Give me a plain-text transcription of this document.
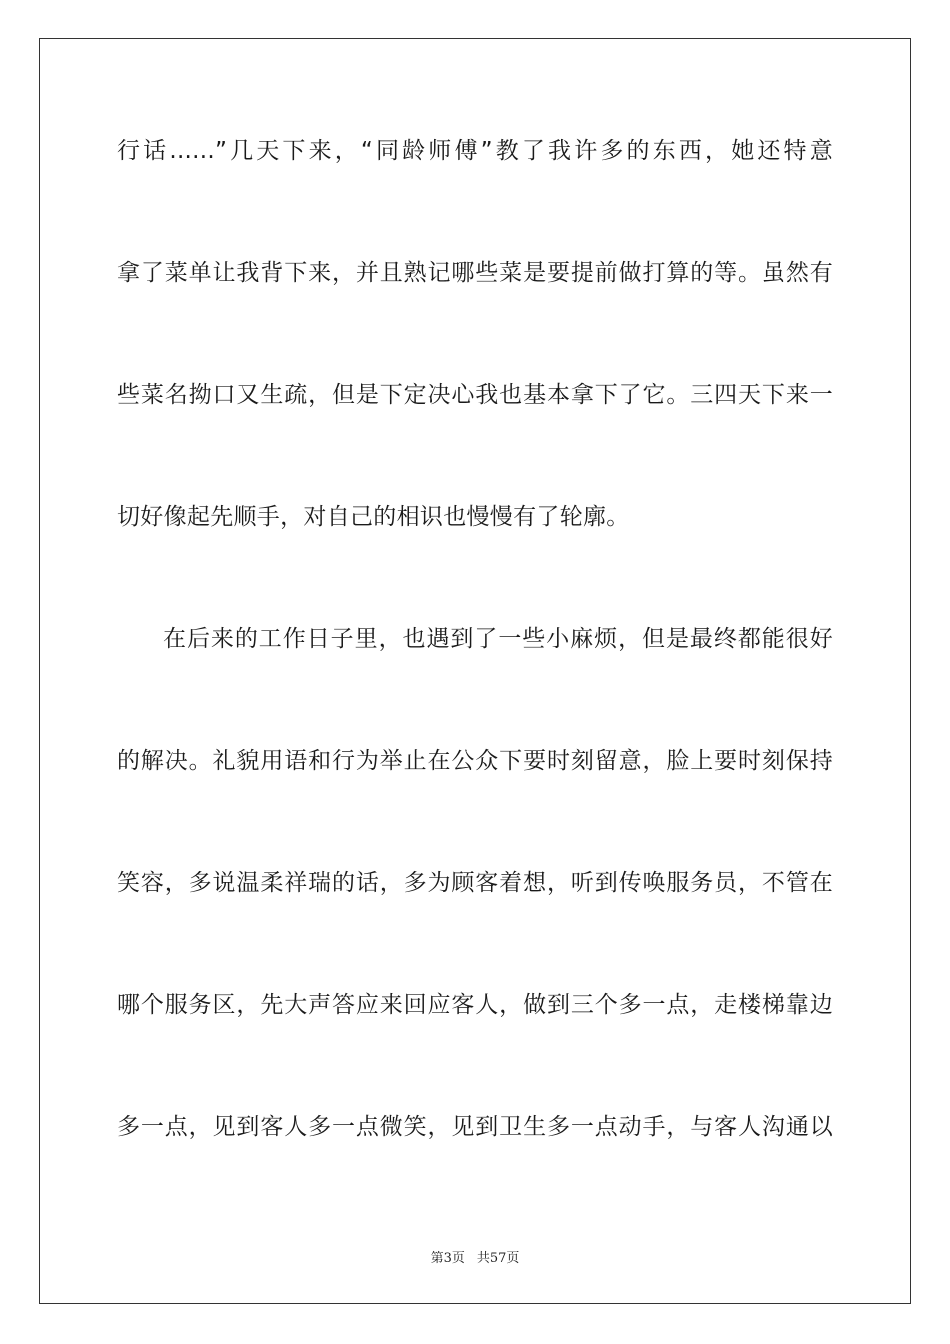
行话......”几天下来，“同龄师傅”教了我许多的东西，她还特意
拿了菜单让我背下来，并且熟记哪些菜是要提前做打算的等。虽然有
些菜名拗口又生疏，但是下定决心我也基本拿下了它。三四天下来一
切好像起先顺手，对自己的相识也慢慢有了轮廓。
在后来的工作日子里，也遇到了一些小麻烦，但是最终都能很好
的解决。礼貌用语和行为举止在公众下要时刻留意，脸上要时刻保持
笑容，多说温柔祥瑞的话，多为顾客着想，听到传唤服务员，不管在
哪个服务区，先大声答应来回应客人，做到三个多一点，走楼梯靠边
多一点，见到客人多一点微笑，见到卫生多一点动手，与客人沟通以
第3页 共57页
